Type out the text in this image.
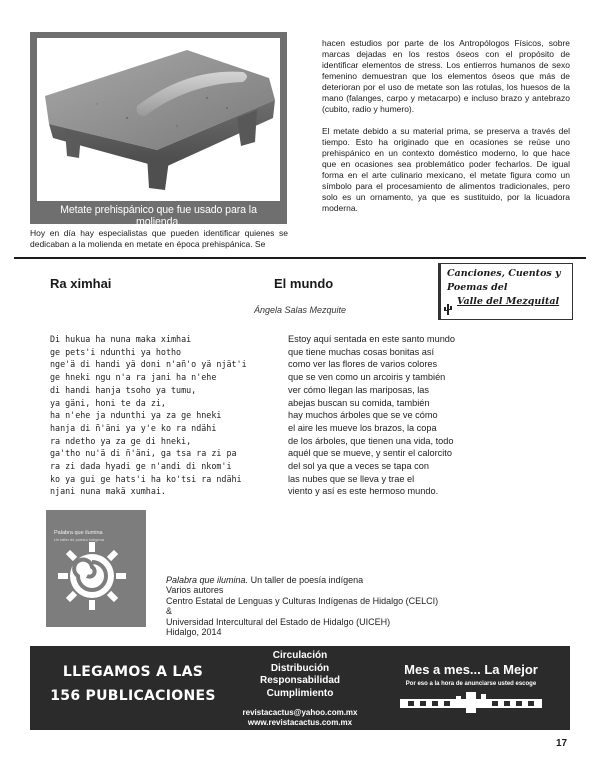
Metate prehispánico que fue usado para la molienda.
Hoy en día hay especialistas que pueden identificar quienes se dedicaban a la molienda en metate en época prehispánica. Se

hacen estudios por parte de los Antropólogos Físicos, sobre marcas dejadas en los restos óseos con el propósito de identificar elementos de stress. Los entierros humanos de sexo femenino demuestran que los elementos óseos que más de deterioran por el uso de metate son las rotulas, los huesos de la mano (falanges, carpo y metacarpo) e incluso brazo y antebrazo (cubito, radio y humero).

El metate debido a su material prima, se preserva a través del tiempo. Esto ha originado que en ocasiones se reúse uno prehispánico en un contexto doméstico moderno, lo que hace que en ocasiones sea problemático poder fecharlos. De igual forma en el arte culinario mexicano, el metate figura como un símbolo para el procesamiento de alimentos tradicionales, pero solo es un ornamento, ya que es sustituido, por la licuadora moderna.

Ra ximhai	El mundo
Canciones, Cuentos y
Poemas del
Valle del Mezquital
Ángela Salas Mezquite
Di hukua ha nuna maka ximhai
ge pets'i ndunthi ya hotho
nge'ä di handi yä doni n'añ'o yä njät'i
ge hneki ngu n'a ra jani ha n'ehe
di handi hanja tsoho ya tumu,
ya gäni, honi te da zi,
ha n'ehe ja ndunthi ya za ge hneki
hanja di ñ'äni ya y'e ko ra ndähi
ra ndetho ya za ge di hneki,
ga'tho nu'ä di ñ'äni, ga tsa ra zi pa
ra zi dada hyadi ge n'andi di nkom'i
ko ya gui ge hats'i ha ko'tsi ra ndähi
njani nuna makä xumhai.
Estoy aquí sentada en este santo mundo
que tiene muchas cosas bonitas así
como ver las flores de varios colores
que se ven como un arcoiris y también
ver cómo llegan las mariposas, las
abejas buscan su comida, también
hay muchos árboles que se ve cómo
el aire les mueve los brazos, la copa
de los árboles, que tienen una vida, todo
aquél que se mueve, y sentir el calorcito
del sol ya que a veces se tapa con
las nubes que se lleva y trae el
viento y así es este hermoso mundo.
Palabra que ilumina
Un taller de poesía indígena
Palabra que ilumina. Un taller de poesía indígena
Varios autores
Centro Estatal de Lenguas y Culturas Indígenas de Hidalgo (CELCI)
&
Universidad Intercultural del Estado de Hidalgo (UICEH)
Hidalgo, 2014
LLEGAMOS A LAS
156 PUBLICACIONES
Circulación
Distribución
Responsabilidad
Cumplimiento
revistacactus@yahoo.com.mx
www.revistacactus.com.mx
Mes a mes... La Mejor
Por eso a la hora de anunciarse usted escoge
17
